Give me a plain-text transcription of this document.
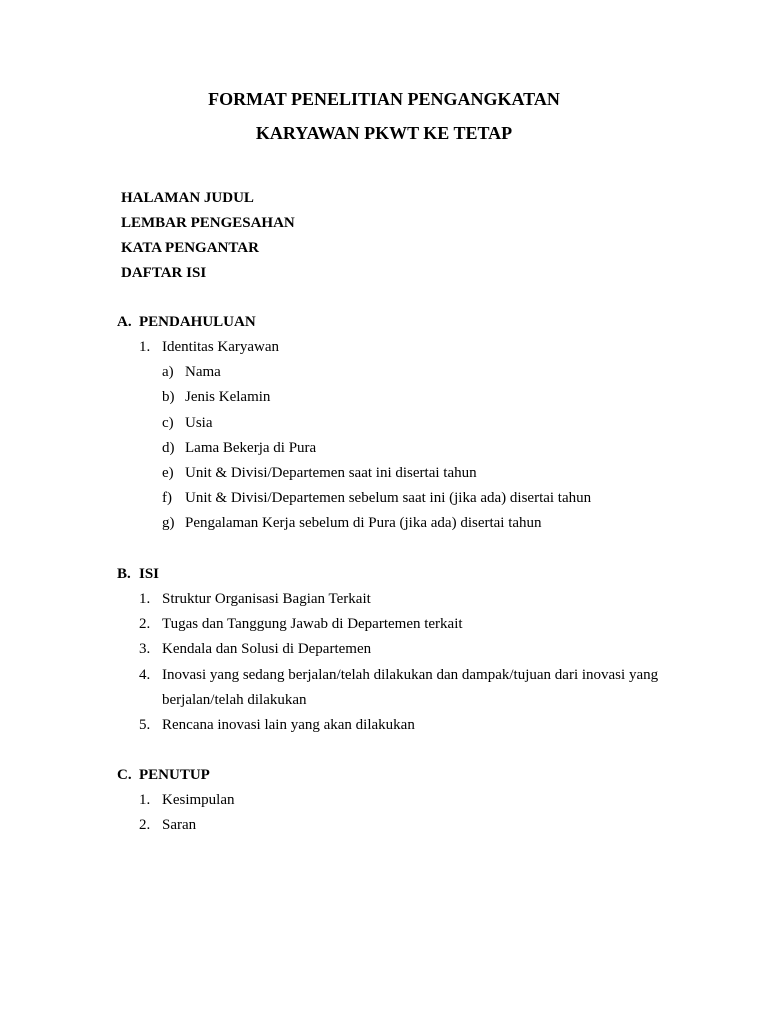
FORMAT PENELITIAN PENGANGKATAN
KARYAWAN PKWT KE TETAP
HALAMAN JUDUL
LEMBAR PENGESAHAN
KATA PENGANTAR
DAFTAR ISI
A. PENDAHULUAN
1. Identitas Karyawan
a) Nama
b) Jenis Kelamin
c) Usia
d) Lama Bekerja di Pura
e) Unit & Divisi/Departemen saat ini disertai tahun
f) Unit & Divisi/Departemen sebelum saat ini (jika ada) disertai tahun
g) Pengalaman Kerja sebelum di Pura (jika ada) disertai tahun
B. ISI
1. Struktur Organisasi Bagian Terkait
2. Tugas dan Tanggung Jawab di Departemen terkait
3. Kendala dan Solusi di Departemen
4. Inovasi yang sedang berjalan/telah dilakukan dan dampak/tujuan dari inovasi yang
berjalan/telah dilakukan
5. Rencana inovasi lain yang akan dilakukan
C. PENUTUP
1. Kesimpulan
2. Saran
